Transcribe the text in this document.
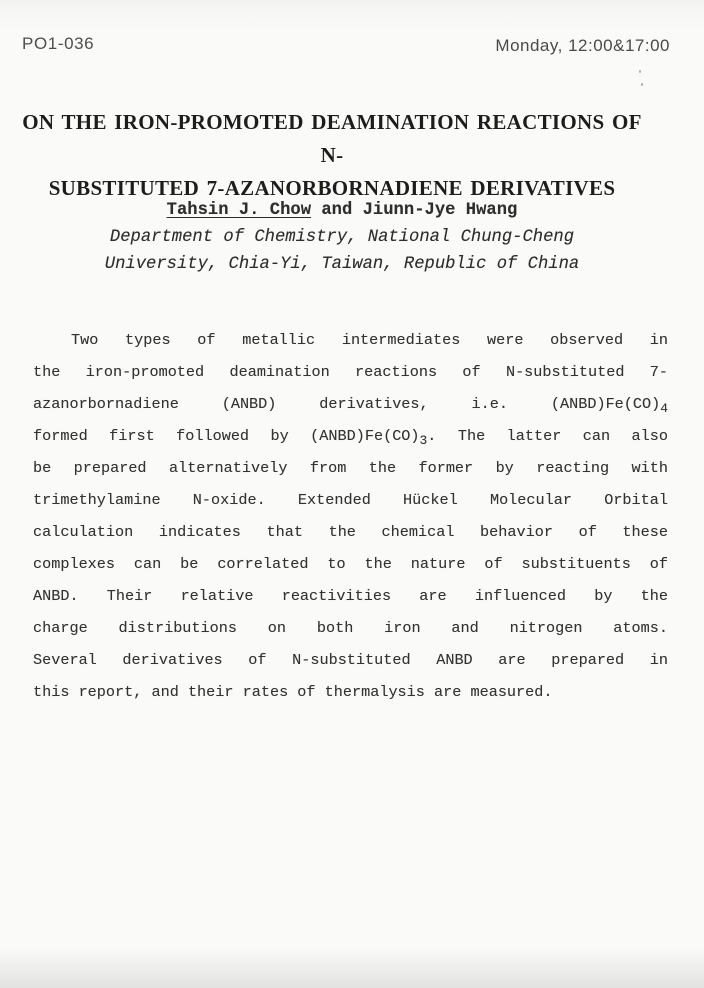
PO1-036	Monday, 12:00&17:00
ON THE IRON-PROMOTED DEAMINATION REACTIONS OF N-
SUBSTITUTED 7-AZANORBORNADIENE DERIVATIVES
Tahsin J. Chow and Jiunn-Jye Hwang
Department of Chemistry, National Chung-Cheng
University, Chia-Yi, Taiwan, Republic of China
Two types of metallic intermediates were observed in
the iron-promoted deamination reactions of N-substituted 7-
azanorbornadiene (ANBD) derivatives, i.e. $(ANBD)Fe(CO)_4$
formed first followed by $(ANBD)Fe(CO)_3$. The latter can also
be prepared alternatively from the former by reacting with
trimethylamine N-oxide. Extended Hückel Molecular Orbital
calculation indicates that the chemical behavior of these
complexes can be correlated to the nature of substituents of
ANBD. Their relative reactivities are influenced by the
charge distributions on both iron and nitrogen atoms.
Several derivatives of N-substituted ANBD are prepared in
this report, and their rates of thermalysis are measured.
